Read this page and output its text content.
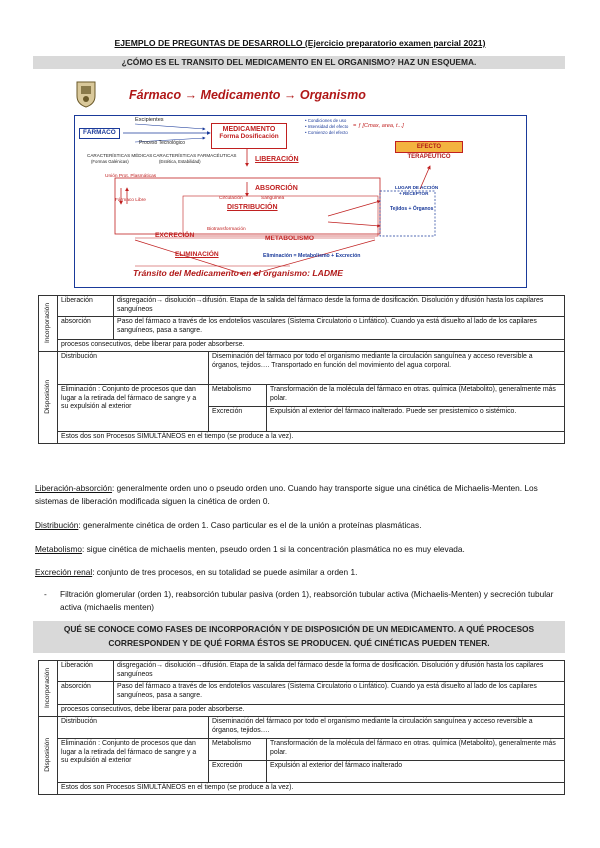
EJEMPLO DE PREGUNTAS DE DESARROLLO (Ejercicio preparatorio examen parcial 2021)
¿CÓMO ES EL TRANSITO DEL MEDICAMENTO EN EL ORGANISMO? HAZ UN ESQUEMA.
Fármaco → Medicamento → Organismo
FÁRMACO
Excipientes
Proceso Tecnológico
CARACTERÍSTICAS MÉDICAS
(Formas Galénicas)
CARACTERÍSTICAS FARMACÉUTICAS
(Estética, Estabilidad)
MEDICAMENTO
Forma Dosificación
• Condiciones de uso
• Intensidad del efecto
• Comienzo del efecto
= ƒ [Cmax, area, t...]
EFECTO TERAPÉUTICO
LIBERACIÓN
Unión Prot. Plasmáticas
Fármaco Libre
ABSORCIÓN
Circulación	Sanguínea
DISTRIBUCIÓN
LUGAR DE ACCIÓN
+ RECEPTOR
Tejidos + Órganos
Biotransformación
EXCRECIÓN	METABOLISMO
ELIMINACIÓN	Eliminación = Metabolismo + Excreción
Tránsito del Medicamento en el organismo: LADME
Incorporación	Liberación	disgregación→ disolución→difusión. Etapa de la salida del fármaco desde la forma de dosificación. Disolución y difusión hasta los capilares sanguíneos		
	absorción	Paso del fármaco a través de los endotelios vasculares (Sistema Circulatorio o Linfático). Cuando ya está disuelto al lado de los capilares sanguíneos, pasa a sangre.		
	procesos consecutivos, debe liberar para poder absorberse.			

Disposición	Distribución		Diseminación del fármaco por todo el organismo mediante la circulación sanguínea y acceso reversible a órganos, tejidos…. Transportado en función del movimiento del agua corporal.	
	Eliminación : Conjunto de procesos que dan lugar a la retirada del fármaco de sangre y a su expulsión al exterior		Metabolismo	Transformación de la molécula del fármaco en otras. química (Metabolito), generalmente más polar.
			Excreción	Expulsión al exterior del fármaco inalterado. Puede ser presistemico o sistémico.
	Estos dos son Procesos SIMULTÁNEOS en el tiempo (se produce a la vez).			
Liberación-absorción: generalmente orden uno o pseudo orden uno. Cuando hay transporte sigue una cinética de Michaelis-Menten. Los sistemas de liberación modificada siguen la cinética de orden 0.
Distribución: generalmente cinética de orden 1. Caso particular es el de la unión a proteínas plasmáticas.
Metabolismo: sigue cinética de michaelis menten, pseudo orden 1 si la concentración plasmática no es muy elevada.
Excreción renal: conjunto de tres procesos, en su totalidad se puede asimilar a orden 1.
- Filtración glomerular (orden 1), reabsorción tubular pasiva (orden 1), reabsorción tubular activa (Michaelis-Menten) y secreción tubular activa (michaelis menten)
QUÉ SE CONOCE COMO FASES DE INCORPORACIÓN Y DE DISPOSICIÓN DE UN MEDICAMENTO. A QUÉ PROCESOS CORRESPONDEN Y DE QUÉ FORMA ÉSTOS SE PRODUCEN. QUÉ CINÉTICAS PUEDEN TENER.
Incorporación	Liberación	disgregación→ disolución→difusión. Etapa de la salida del fármaco desde la forma de dosificación. Disolución y difusión hasta los capilares sanguíneos		
	absorción	Paso del fármaco a través de los endotelios vasculares (Sistema Circulatorio o Linfático). Cuando ya está disuelto al lado de los capilares sanguíneos, pasa a sangre.		
	procesos consecutivos, debe liberar para poder absorberse.			

Disposición	Distribución		Diseminación del fármaco por todo el organismo mediante la circulación sanguínea y acceso reversible a órganos, tejidos….	
	Eliminación : Conjunto de procesos que dan lugar a la retirada del fármaco de sangre y a su expulsión al exterior		Metabolismo	Transformación de la molécula del fármaco en otras. química (Metabolito), generalmente más polar.
			Excreción	Expulsión al exterior del fármaco inalterado
	Estos dos son Procesos SIMULTÁNEOS en el tiempo (se produce a la vez).			
